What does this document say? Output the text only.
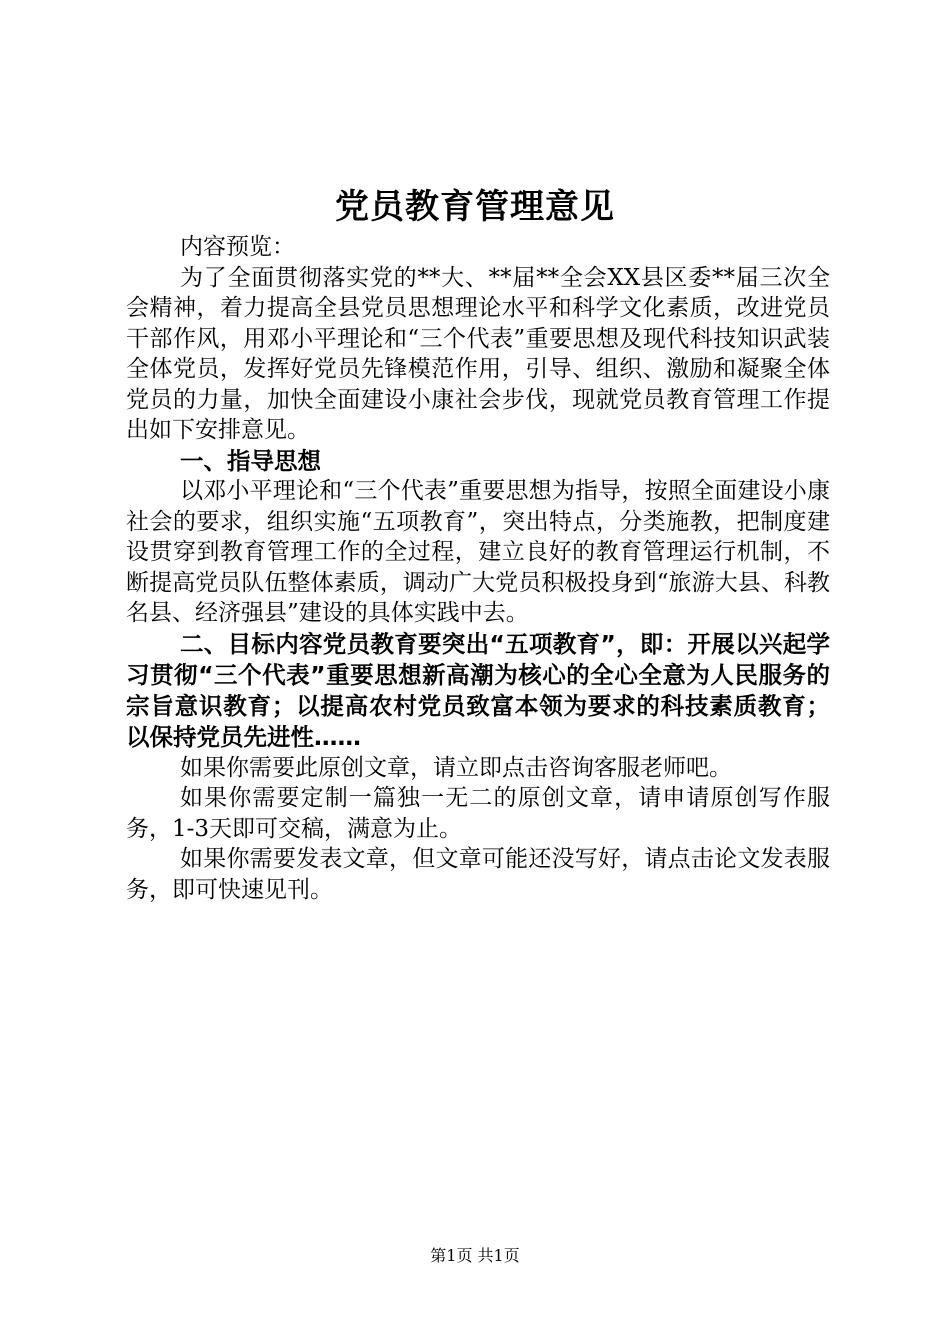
党员教育管理意见

内容预览：

为了全面贯彻落实党的**大、**届**全会XX县区委**届三次全会精神，着力提高全县党员思想理论水平和科学文化素质，改进党员干部作风，用邓小平理论和“三个代表”重要思想及现代科技知识武装全体党员，发挥好党员先锋模范作用，引导、组织、激励和凝聚全体党员的力量，加快全面建设小康社会步伐，现就党员教育管理工作提出如下安排意见。

一、指导思想

以邓小平理论和“三个代表”重要思想为指导，按照全面建设小康社会的要求，组织实施“五项教育”，突出特点，分类施教，把制度建设贯穿到教育管理工作的全过程，建立良好的教育管理运行机制，不断提高党员队伍整体素质，调动广大党员积极投身到“旅游大县、科教名县、经济强县”建设的具体实践中去。

二、目标内容党员教育要突出“五项教育”，即：开展以兴起学习贯彻“三个代表”重要思想新高潮为核心的全心全意为人民服务的宗旨意识教育；以提高农村党员致富本领为要求的科技素质教育；以保持党员先进性……

如果你需要此原创文章，请立即点击咨询客服老师吧。

如果你需要定制一篇独一无二的原创文章，请申请原创写作服务，1-3天即可交稿，满意为止。

如果你需要发表文章，但文章可能还没写好，请点击论文发表服务，即可快速见刊。

第1页 共1页
